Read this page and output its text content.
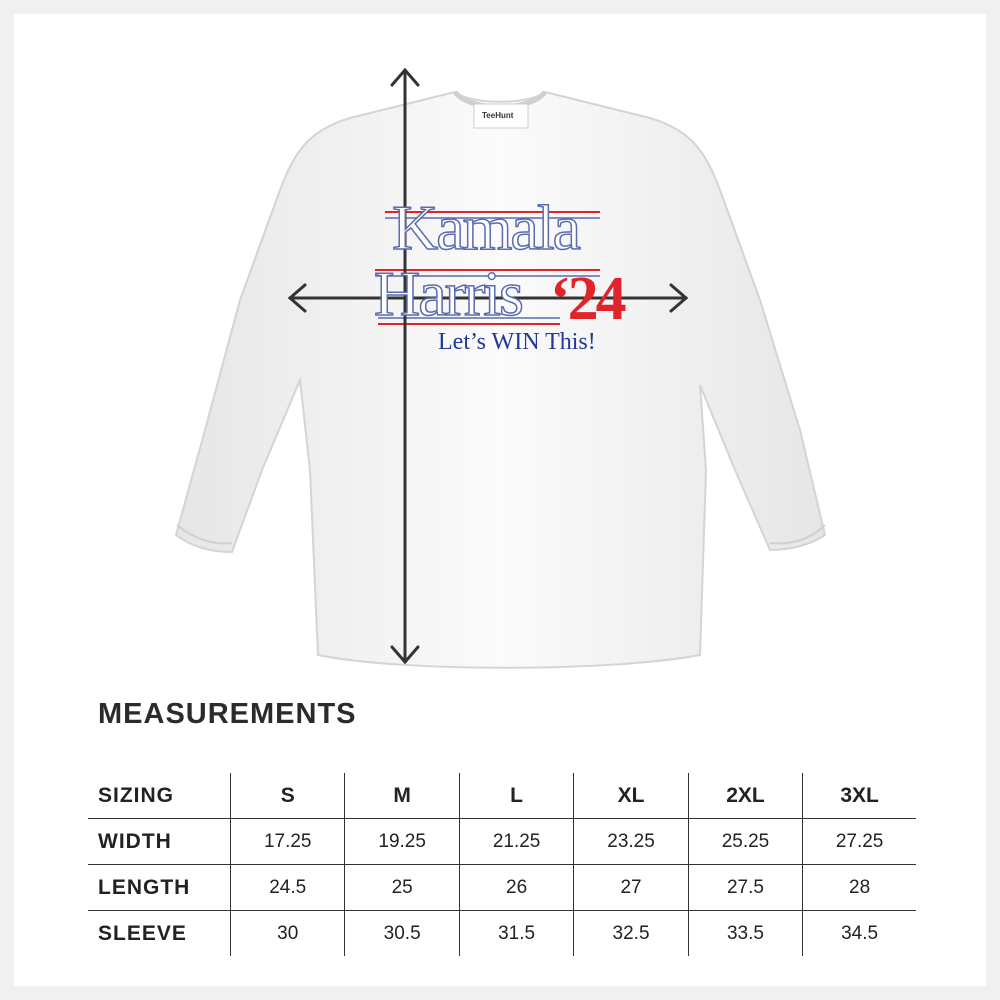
TeeHunt
Kamala
Harris ‘24
Let’s WIN This!
MEASUREMENTS
SIZING	S	M	L	XL	2XL	3XL
WIDTH	17.25	19.25	21.25	23.25	25.25	27.25
LENGTH	24.5	25	26	27	27.5	28
SLEEVE	30	30.5	31.5	32.5	33.5	34.5
